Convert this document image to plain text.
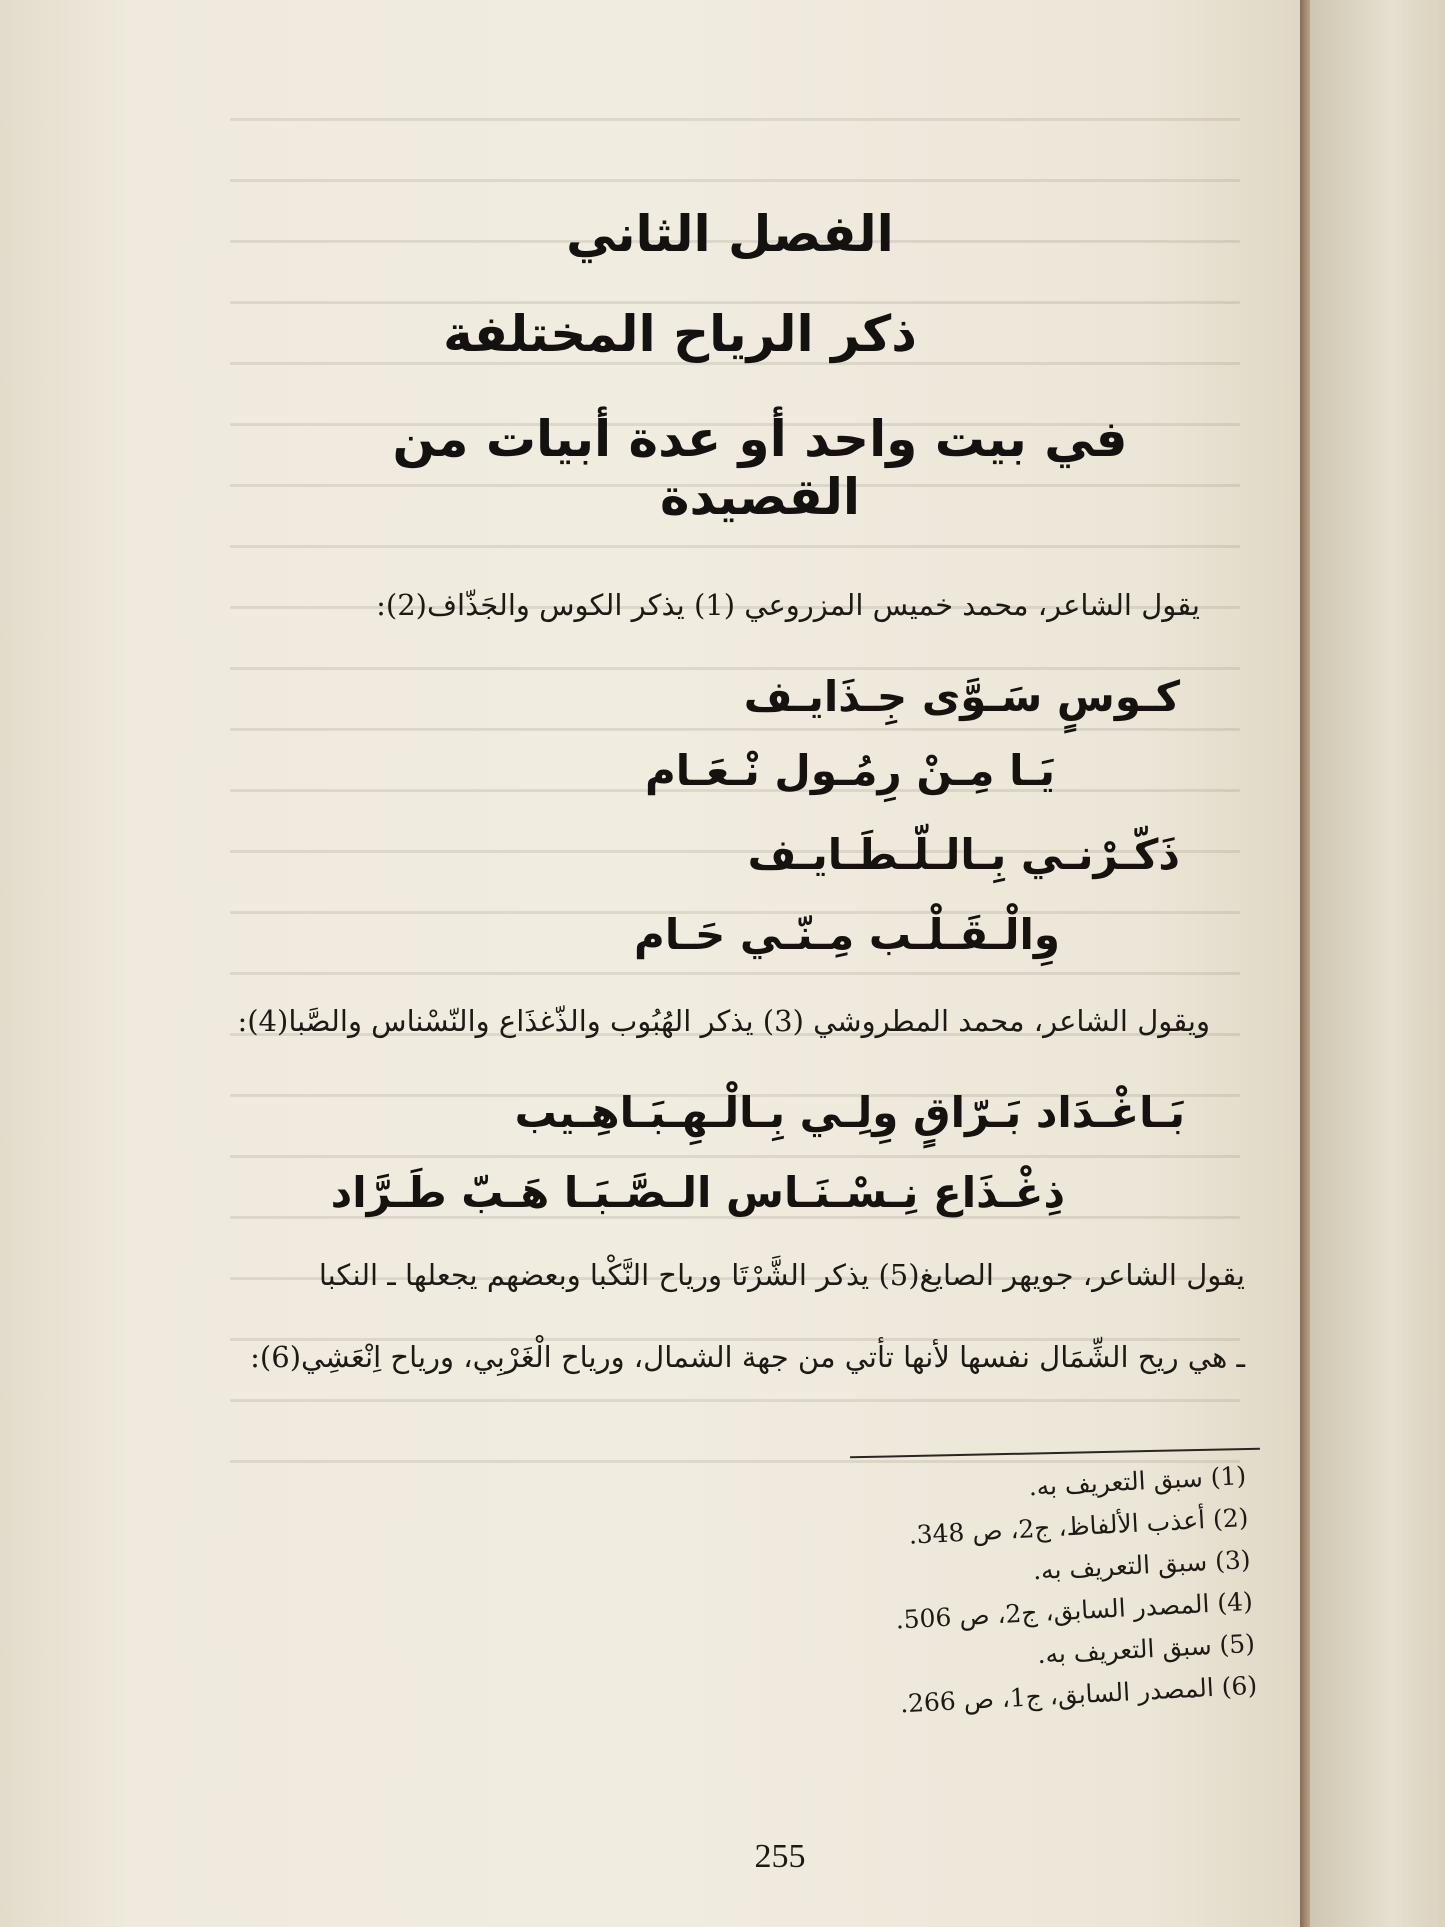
الفصل الثاني
ذكر الرياح المختلفة
في بيت واحد أو عدة أبيات من
القصيدة
يقول الشاعر، محمد خميس المزروعي (1) يذكر الكوس والجَذّاف(2):
كـوسٍ سَـوَّى جِـذَايـف
يَـا مِـنْ رِمُـول نْـعَـام
ذَكّـرْنـي بِـالـلّـطَـايـف
وِالْـقَـلْـب مِـنّـي حَـام
ويقول الشاعر، محمد المطروشي (3) يذكر الهُبُوب والذّغذَاع والنّسْناس والصَّبا(4):
بَـاغْـدَاد بَـرّاقٍ وِلِـي بِـالْـهِـبَـاهِـيب
ذِغْـذَاع نِـسْـنَـاس الـصَّـبَـا هَـبّ طَـرَّاد
يقول الشاعر، جويهر الصايغ(5) يذكر الشَّرْتَا ورياح النَّكْبا وبعضهم يجعلها ـ النكبا
ـ هي ريح الشِّمَال نفسها لأنها تأتي من جهة الشمال، ورياح الْغَرْبِي، ورياح اِنْعَشِي(6):
(1) سبق التعريف به.
(2) أعذب الألفاظ، ج2، ص 348.
(3) سبق التعريف به.
(4) المصدر السابق، ج2، ص 506.
(5) سبق التعريف به.
(6) المصدر السابق، ج1، ص 266.
255
